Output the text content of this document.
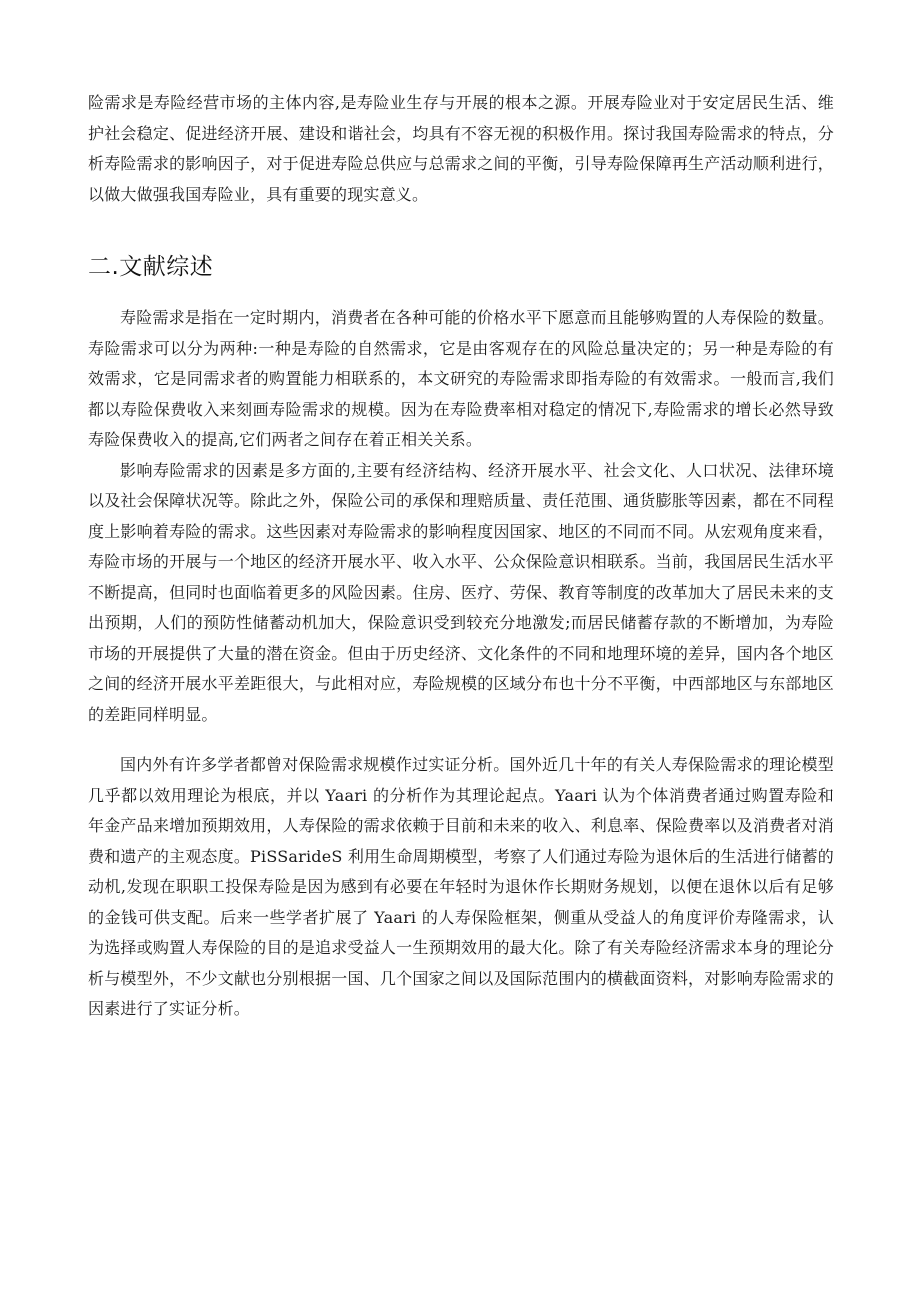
险需求是寿险经营市场的主体内容,是寿险业生存与开展的根本之源。开展寿险业对于安定居民生活、维护社会稳定、促进经济开展、建设和谐社会，均具有不容无视的积极作用。探讨我国寿险需求的特点，分析寿险需求的影响因子，对于促进寿险总供应与总需求之间的平衡，引导寿险保障再生产活动顺利进行，以做大做强我国寿险业，具有重要的现实意义。

二.文献综述

寿险需求是指在一定时期内，消费者在各种可能的价格水平下愿意而且能够购置的人寿保险的数量。寿险需求可以分为两种:一种是寿险的自然需求，它是由客观存在的风险总量决定的；另一种是寿险的有效需求，它是同需求者的购置能力相联系的，本文研究的寿险需求即指寿险的有效需求。一般而言,我们都以寿险保费收入来刻画寿险需求的规模。因为在寿险费率相对稳定的情况下,寿险需求的增长必然导致寿险保费收入的提高,它们两者之间存在着正相关关系。

影响寿险需求的因素是多方面的,主要有经济结构、经济开展水平、社会文化、人口状况、法律环境以及社会保障状况等。除此之外，保险公司的承保和理赔质量、责任范围、通货膨胀等因素，都在不同程度上影响着寿险的需求。这些因素对寿险需求的影响程度因国家、地区的不同而不同。从宏观角度来看，寿险市场的开展与一个地区的经济开展水平、收入水平、公众保险意识相联系。当前，我国居民生活水平不断提高，但同时也面临着更多的风险因素。住房、医疗、劳保、教育等制度的改革加大了居民未来的支出预期，人们的预防性储蓄动机加大，保险意识受到较充分地激发;而居民储蓄存款的不断增加，为寿险市场的开展提供了大量的潜在资金。但由于历史经济、文化条件的不同和地理环境的差异，国内各个地区之间的经济开展水平差距很大，与此相对应，寿险规模的区域分布也十分不平衡，中西部地区与东部地区的差距同样明显。

国内外有许多学者都曾对保险需求规模作过实证分析。国外近几十年的有关人寿保险需求的理论模型几乎都以效用理论为根底，并以 Yaari 的分析作为其理论起点。Yaari 认为个体消费者通过购置寿险和年金产品来增加预期效用，人寿保险的需求依赖于目前和未来的收入、利息率、保险费率以及消费者对消费和遗产的主观态度。PiSSarideS 利用生命周期模型，考察了人们通过寿险为退休后的生活进行储蓄的动机,发现在职职工投保寿险是因为感到有必要在年轻时为退休作长期财务规划，以便在退休以后有足够的金钱可供支配。后来一些学者扩展了 Yaari 的人寿保险框架，侧重从受益人的角度评价寿隆需求，认为选择或购置人寿保险的目的是追求受益人一生预期效用的最大化。除了有关寿险经济需求本身的理论分析与模型外，不少文献也分别根据一国、几个国家之间以及国际范围内的横截面资料，对影响寿险需求的因素进行了实证分析。
